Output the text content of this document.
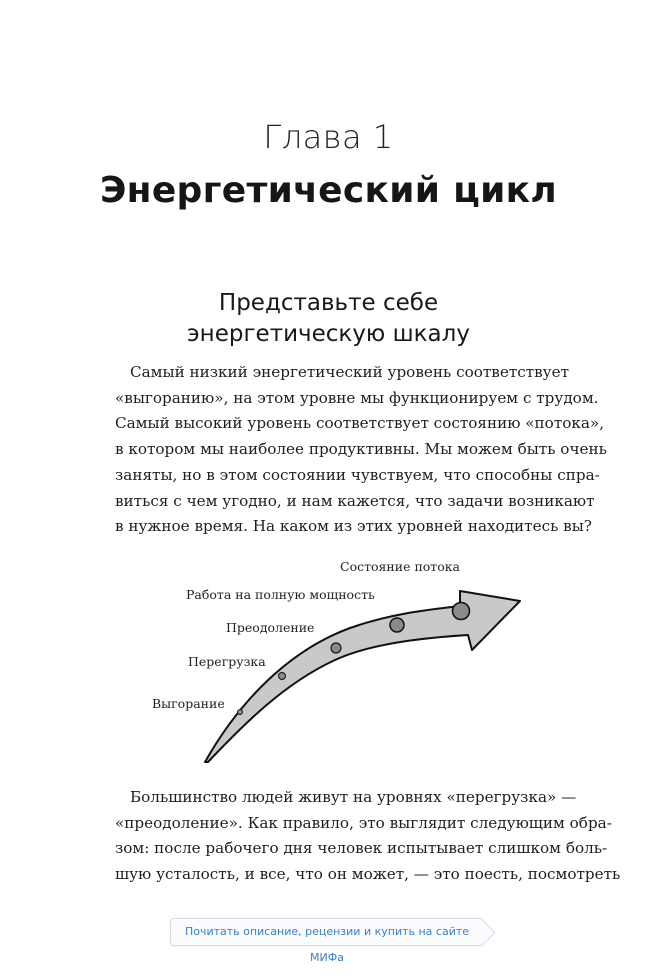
Глава 1
Энергетический цикл
Представьте себе
энергетическую шкалу
Самый низкий энергетический уровень соответствует
«выгоранию», на этом уровне мы функционируем с трудом.
Самый высокий уровень соответствует состоянию «потока»,
в котором мы наиболее продуктивны. Мы можем быть очень
заняты, но в этом состоянии чувствуем, что способны спра-
виться с чем угодно, и нам кажется, что задачи возникают
в нужное время. На каком из этих уровней находитесь вы?
Выгорание
Перегрузка
Преодоление
Работа на полную мощность
Состояние потока
Большинство людей живут на уровнях «перегрузка» —
«преодоление». Как правило, это выглядит следующим обра-
зом: после рабочего дня человек испытывает слишком боль-
шую усталость, и все, что он может, — это поесть, посмотреть
Почитать описание, рецензии и купить на сайте МИФа
